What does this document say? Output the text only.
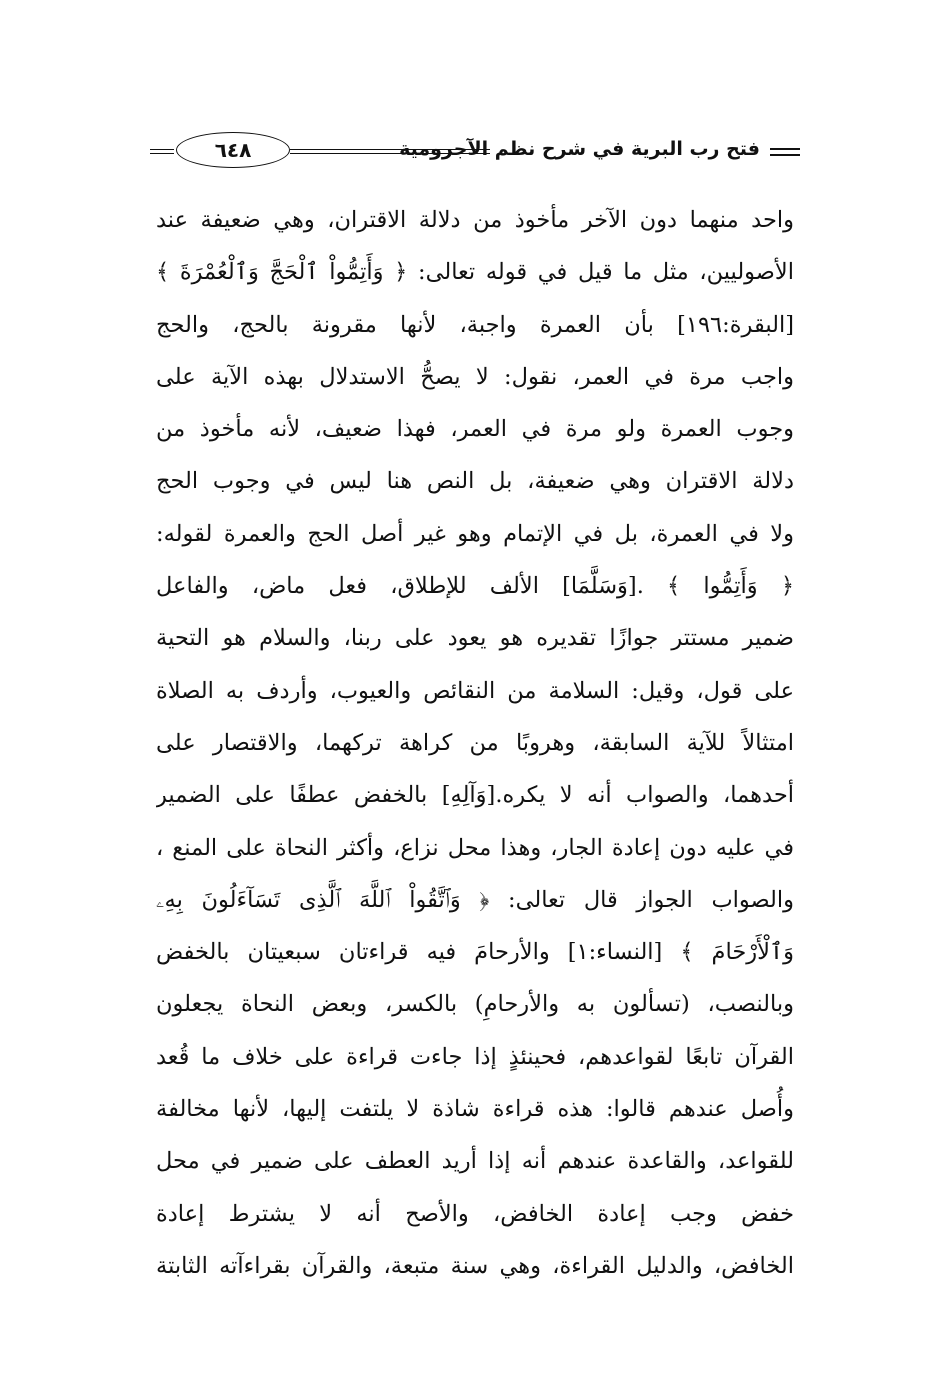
فتح رب البرية في شرح نظم الآجرومية
٦٤٨
واحد منهما دون الآخر مأخوذ من دلالة الاقتران، وهي ضعيفة عند
الأصوليين، مثل ما قيل في قوله تعالى: ﴿ وَأَتِمُّواْ ٱلْحَجَّ وَٱلْعُمْرَةَ ﴾
[البقرة:١٩٦] بأن العمرة واجبة، لأنها مقرونة بالحج، والحج
واجب مرة في العمر، نقول: لا يصحُّ الاستدلال بهذه الآية على
وجوب العمرة ولو مرة في العمر، فهذا ضعيف، لأنه مأخوذ من
دلالة الاقتران وهي ضعيفة، بل النص هنا ليس في وجوب الحج
ولا في العمرة، بل في الإتمام وهو غير أصل الحج والعمرة لقوله:
﴿ وَأَتِمُّوا ﴾ .[وَسَلَّمَا] الألف للإطلاق، فعل ماض، والفاعل
ضمير مستتر جوازًا تقديره هو يعود على ربنا، والسلام هو التحية
على قول، وقيل: السلامة من النقائص والعيوب، وأردف به الصلاة
امتثالاً للآية السابقة، وهروبًا من كراهة تركهما، والاقتصار على
أحدهما، والصواب أنه لا يكره.[وَآلِهِ] بالخفض عطفًا على الضمير
في عليه دون إعادة الجار، وهذا محل نزاع، وأكثر النحاة على المنع ،
والصواب الجواز قال تعالى: ﴿ وَٱتَّقُواْ ٱللَّهَ ٱلَّذِى تَسَآءَلُونَ بِهِۦ
وَٱلْأَرْحَامَ ﴾ [النساء:١] والأرحامَ فيه قراءتان سبعيتان بالخفض
وبالنصب، (تسألون به والأرحامِ) بالكسر، وبعض النحاة يجعلون
القرآن تابعًا لقواعدهم، فحينئذٍ إذا جاءت قراءة على خلاف ما قُعد
وأُصل عندهم قالوا: هذه قراءة شاذة لا يلتفت إليها، لأنها مخالفة
للقواعد، والقاعدة عندهم أنه إذا أريد العطف على ضمير في محل
خفض وجب إعادة الخافض، والأصح أنه لا يشترط إعادة
الخافض، والدليل القراءة، وهي سنة متبعة، والقرآن بقراءآته الثابتة
